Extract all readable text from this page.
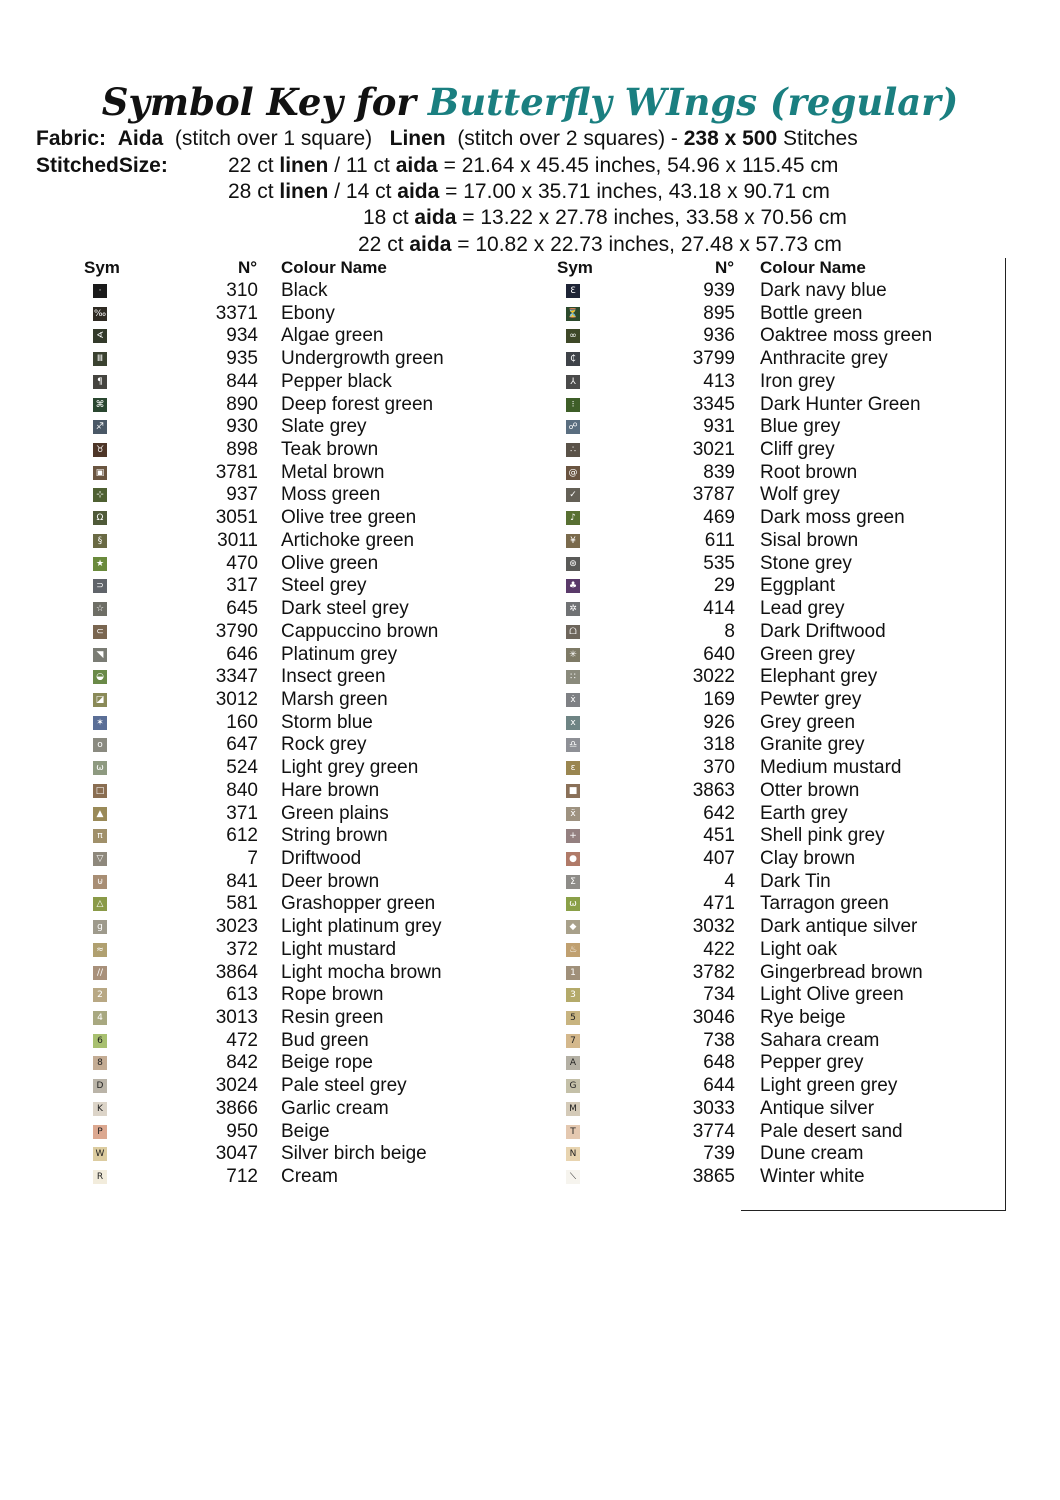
Symbol Key for Butterfly WIngs (regular)
Fabric: Aida (stitch over 1 square) Linen (stitch over 2 squares) - 238 x 500 Stitches
StitchedSize:	22 ct linen / 11 ct aida = 21.64 x 45.45 inches, 54.96 x 115.45 cm
28 ct linen / 14 ct aida = 17.00 x 35.71 inches, 43.18 x 90.71 cm
18 ct aida = 13.22 x 27.78 inches, 33.58 x 70.56 cm
22 ct aida = 10.82 x 22.73 inches, 27.48 x 57.73 cm
Sym	N° Colour Name
·	310 Black
‰	3371 Ebony
∢	934 Algae green
Ⅲ	935 Undergrowth green
¶	844 Pepper black
⌘	890 Deep forest green
♐	930 Slate grey
♉	898 Teak brown
▣	3781 Metal brown
⊹	937 Moss green
Ω	3051 Olive tree green
§	3011 Artichoke green
★	470 Olive green
⊃	317 Steel grey
☆	645 Dark steel grey
⊂	3790 Cappuccino brown
◥	646 Platinum grey
◒	3347 Insect green
◪	3012 Marsh green
✶	160 Storm blue
o	647 Rock grey
ω	524 Light grey green
□	840 Hare brown
▲	371 Green plains
π	612 String brown
▽	7 Driftwood
⊍	841 Deer brown
△	581 Grashopper green
g	3023 Light platinum grey
≈	372 Light mustard
//	3864 Light mocha brown
2	613 Rope brown
4	3013 Resin green
6	472 Bud green
8	842 Beige rope
D	3024 Pale steel grey
K	3866 Garlic cream
P	950 Beige
W	3047 Silver birch beige
R	712 Cream
Sym	N° Colour Name
Ɛ	939 Dark navy blue
⏳	895 Bottle green
∞	936 Oaktree moss green
₵	3799 Anthracite grey
⅄	413 Iron grey
⁝	3345 Dark Hunter Green
☍	931 Blue grey
∴	3021 Cliff grey
@	839 Root brown
✓	3787 Wolf grey
♪	469 Dark moss green
¥	611 Sisal brown
⊛	535 Stone grey
♣	29 Eggplant
✲	414 Lead grey
ᗝ	8 Dark Driftwood
✳	640 Green grey
∷	3022 Elephant grey
ẋ	169 Pewter grey
x	926 Grey green
♎	318 Granite grey
ε	370 Medium mustard
■	3863 Otter brown
ẍ	642 Earth grey
+	451 Shell pink grey
●	407 Clay brown
Σ	4 Dark Tin
ω	471 Tarragon green
◆	3032 Dark antique silver
♨	422 Light oak
1	3782 Gingerbread brown
3	734 Light Olive green
5	3046 Rye beige
7	738 Sahara cream
A	648 Pepper grey
G	644 Light green grey
M	3033 Antique silver
T	3774 Pale desert sand
N	739 Dune cream
⟍	3865 Winter white
